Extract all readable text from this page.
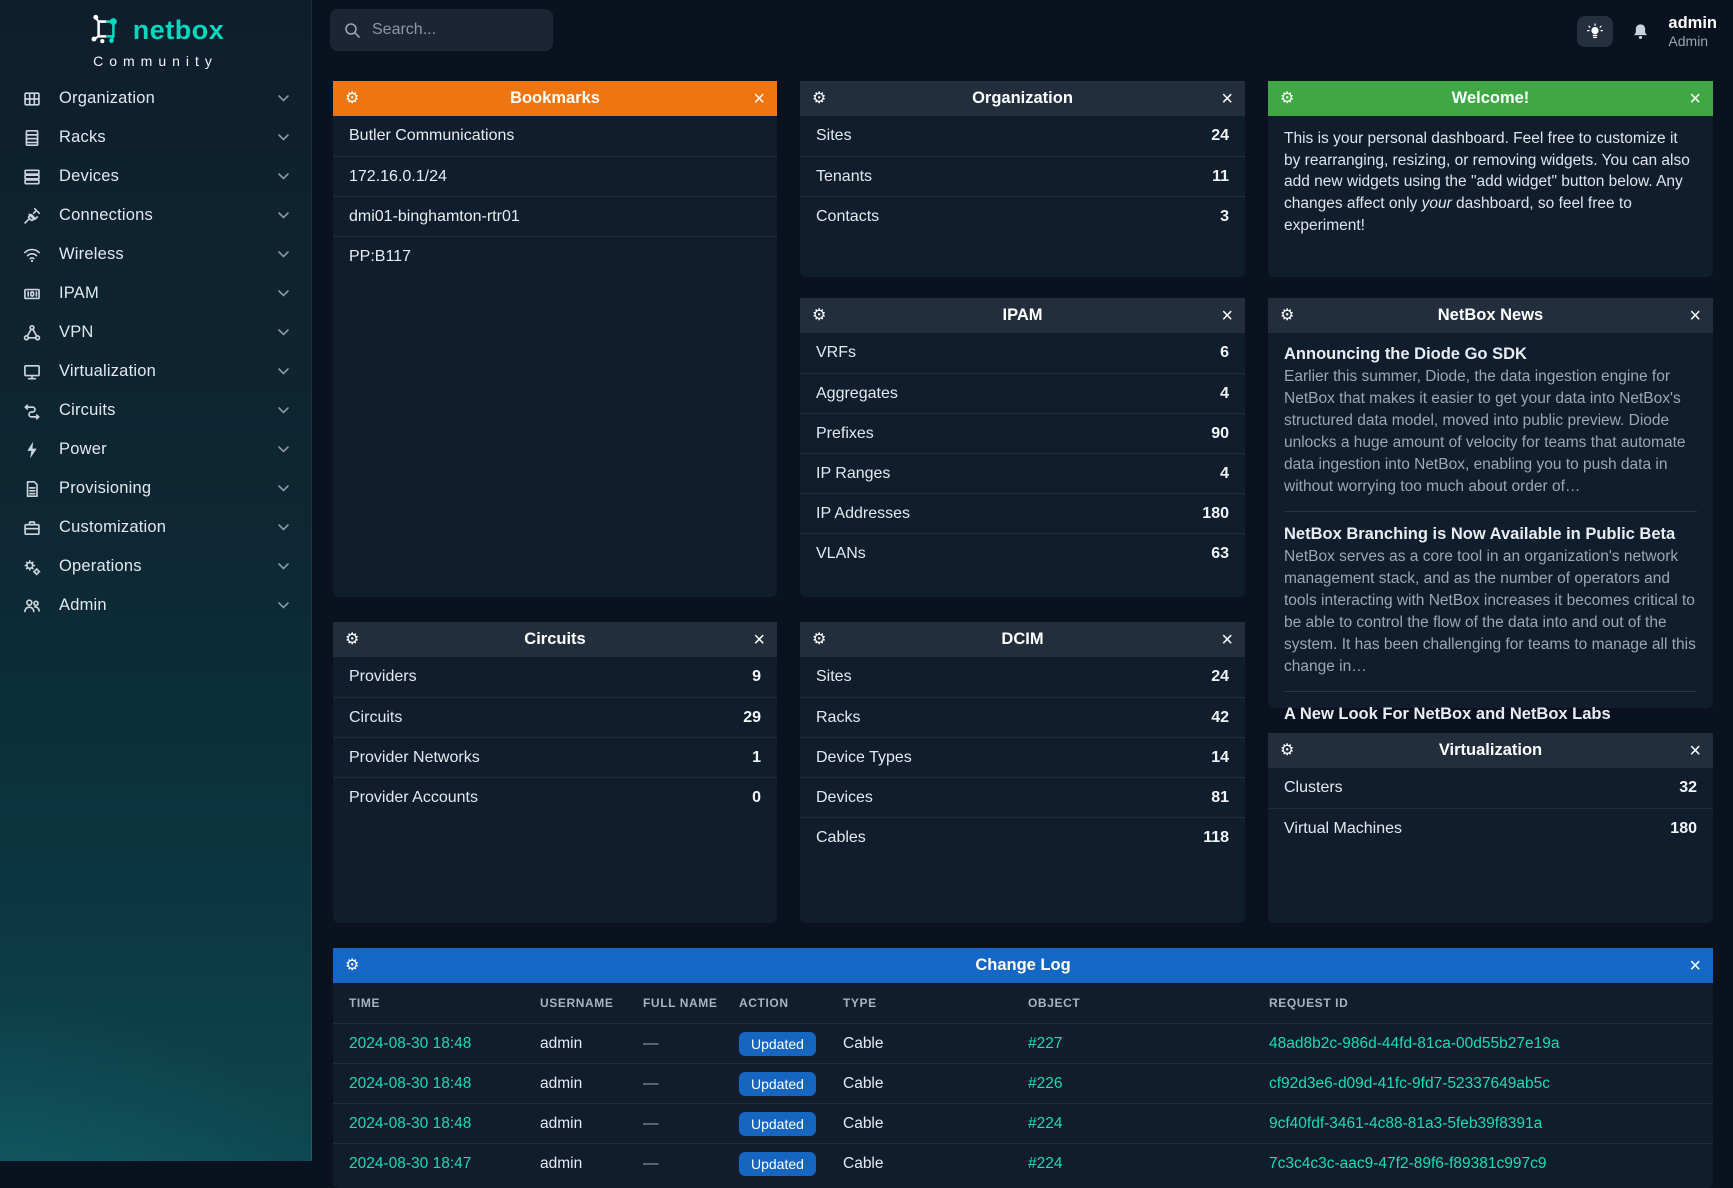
netbox
Community
Organization
Racks
Devices
Connections
Wireless
IPAM
VPN
Virtualization
Circuits
Power
Provisioning
Customization
Operations
Admin
Search...
admin
Admin
⚙	Bookmarks	×
Butler Communications
172.16.0.1/24
dmi01-binghamton-rtr01
PP:B117
⚙	Circuits	×
Providers	9
Circuits	29
Provider Networks	1
Provider Accounts	0
⚙	Organization	×
Sites	24
Tenants	11
Contacts	3
⚙	IPAM	×
VRFs	6
Aggregates	4
Prefixes	90
IP Ranges	4
IP Addresses	180
VLANs	63
⚙	DCIM	×
Sites	24
Racks	42
Device Types	14
Devices	81
Cables	118
⚙	Welcome!	×
This is your personal dashboard. Feel free to customize it by rearranging, resizing, or removing widgets. You can also add new widgets using the "add widget" button below. Any changes affect only your dashboard, so feel free to experiment!
⚙	NetBox News	×
Announcing the Diode Go SDK
Earlier this summer, Diode, the data ingestion engine for NetBox that makes it easier to get your data into NetBox's structured data model, moved into public preview. Diode unlocks a huge amount of velocity for teams that automate data ingestion into NetBox, enabling you to push data in without worrying too much about order of…
NetBox Branching is Now Available in Public Beta
NetBox serves as a core tool in an organization's network management stack, and as the number of operators and tools interacting with NetBox increases it becomes critical to be able to control the flow of the data into and out of the system. It has been challenging for teams to manage all this change in…
A New Look For NetBox and NetBox Labs
⚙	Virtualization	×
Clusters	32
Virtual Machines	180
⚙	Change Log	×
TIME	USERNAME	FULL NAME	ACTION	TYPE	OBJECT	REQUEST ID
2024-08-30 18:48	admin	—	Updated	Cable	#227	48ad8b2c-986d-44fd-81ca-00d55b27e19a
2024-08-30 18:48	admin	—	Updated	Cable	#226	cf92d3e6-d09d-41fc-9fd7-52337649ab5c
2024-08-30 18:48	admin	—	Updated	Cable	#224	9cf40fdf-3461-4c88-81a3-5feb39f8391a
2024-08-30 18:47	admin	—	Updated	Cable	#224	7c3c4c3c-aac9-47f2-89f6-f89381c997c9
